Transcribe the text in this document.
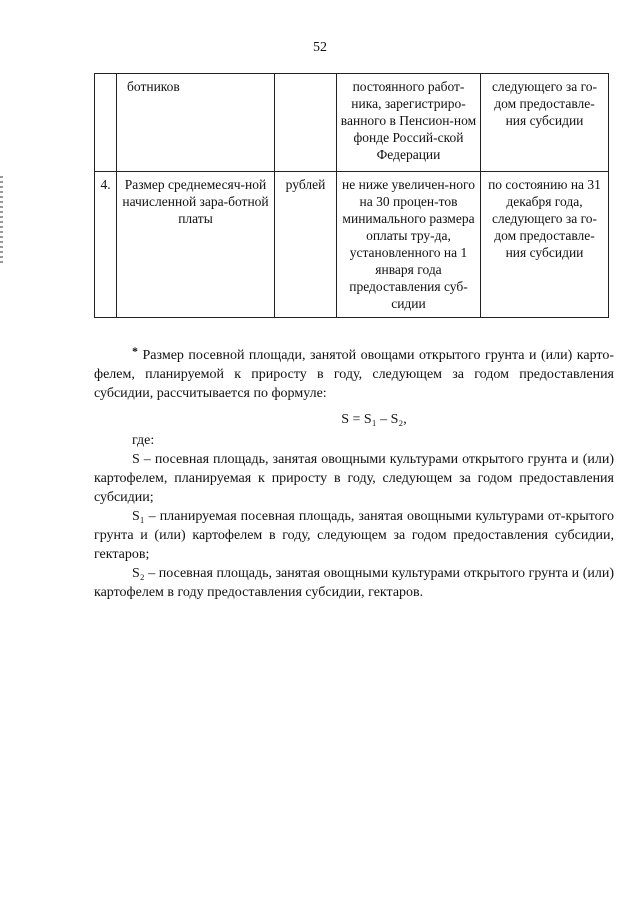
52
	ботников		постоянного работ-ника, зарегистриро-ванного в Пенсион-ном фонде Россий-ской Федерации	следующего за го-дом предоставле-ния субсидии
4.	Размер среднемесяч-ной начисленной зара-ботной платы	рублей	не ниже увеличен-ного на 30 процен-тов минимального размера оплаты тру-да, установленного на 1 января года предоставления суб-сидии	по состоянию на 31 декабря года, следующего за го-дом предоставле-ния субсидии

* Размер посевной площади, занятой овощами открытого грунта и (или) карто-фелем, планируемой к приросту в году, следующем за годом предоставления субсидии, рассчитывается по формуле:

S = S₁ – S₂,

где:

S – посевная площадь, занятая овощными культурами открытого грунта и (или) картофелем, планируемая к приросту в году, следующем за годом предоставления субсидии;

S₁ – планируемая посевная площадь, занятая овощными культурами от-крытого грунта и (или) картофелем в году, следующем за годом предоставления субсидии, гектаров;

S₂ – посевная площадь, занятая овощными культурами открытого грунта и (или) картофелем в году предоставления субсидии, гектаров.
